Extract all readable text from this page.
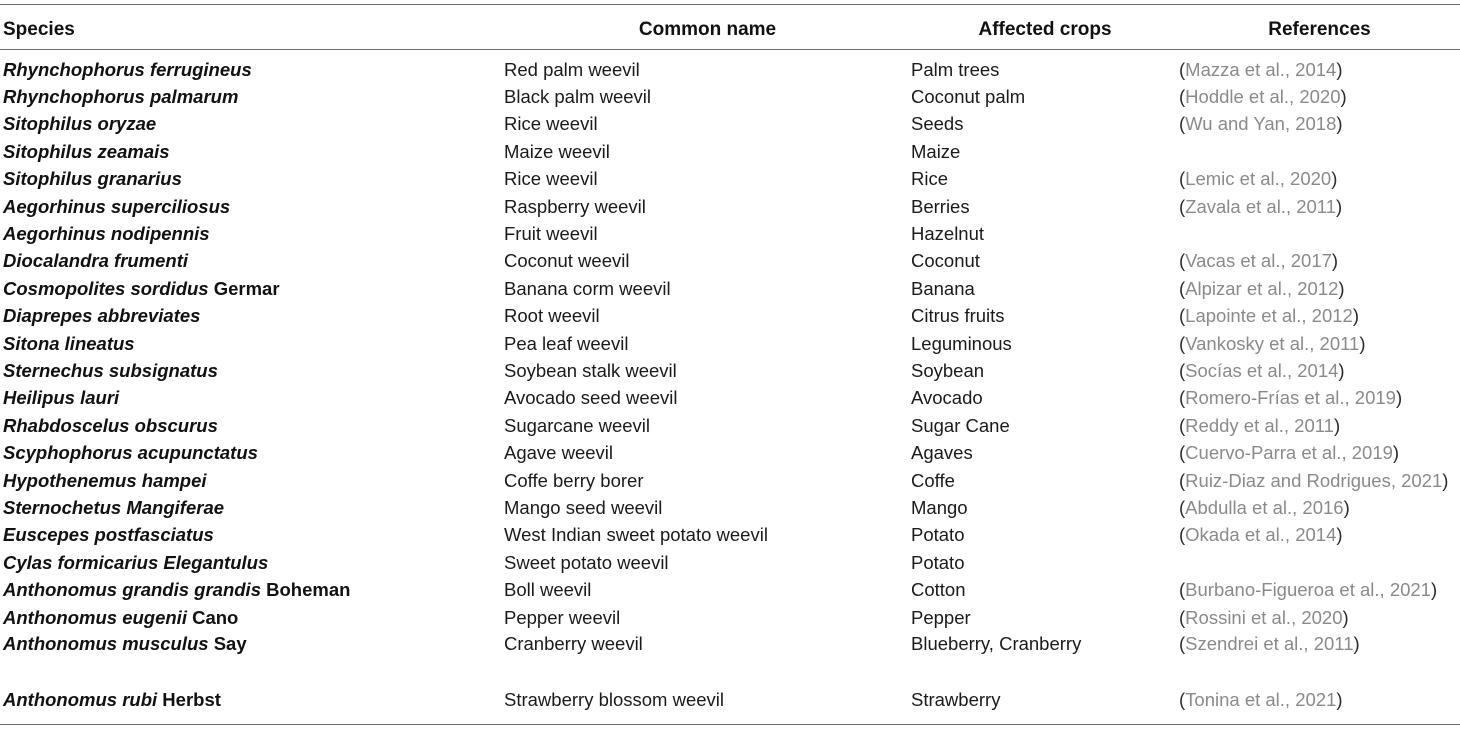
Species	Common name	Affected crops	References
Rhynchophorus ferrugineus	Red palm weevil	Palm trees	(Mazza et al., 2014)
Rhynchophorus palmarum	Black palm weevil	Coconut palm	(Hoddle et al., 2020)
Sitophilus oryzae	Rice weevil	Seeds	(Wu and Yan, 2018)
Sitophilus zeamais	Maize weevil	Maize	
Sitophilus granarius	Rice weevil	Rice	(Lemic et al., 2020)
Aegorhinus superciliosus	Raspberry weevil	Berries	(Zavala et al., 2011)
Aegorhinus nodipennis	Fruit weevil	Hazelnut	
Diocalandra frumenti	Coconut weevil	Coconut	(Vacas et al., 2017)
Cosmopolites sordidus Germar	Banana corm weevil	Banana	(Alpizar et al., 2012)
Diaprepes abbreviates	Root weevil	Citrus fruits	(Lapointe et al., 2012)
Sitona lineatus	Pea leaf weevil	Leguminous	(Vankosky et al., 2011)
Sternechus subsignatus	Soybean stalk weevil	Soybean	(Socías et al., 2014)
Heilipus lauri	Avocado seed weevil	Avocado	(Romero-Frías et al., 2019)
Rhabdoscelus obscurus	Sugarcane weevil	Sugar Cane	(Reddy et al., 2011)
Scyphophorus acupunctatus	Agave weevil	Agaves	(Cuervo-Parra et al., 2019)
Hypothenemus hampei	Coffe berry borer	Coffe	(Ruiz-Diaz and Rodrigues, 2021)
Sternochetus Mangiferae	Mango seed weevil	Mango	(Abdulla et al., 2016)
Euscepes postfasciatus	West Indian sweet potato weevil	Potato	(Okada et al., 2014)
Cylas formicarius Elegantulus	Sweet potato weevil	Potato	
Anthonomus grandis grandis Boheman	Boll weevil	Cotton	(Burbano-Figueroa et al., 2021)
Anthonomus eugenii Cano	Pepper weevil	Pepper	(Rossini et al., 2020)
Anthonomus musculus Say	Cranberry weevil	Blueberry, Cranberry	(Szendrei et al., 2011)
Anthonomus rubi Herbst	Strawberry blossom weevil	Strawberry	(Tonina et al., 2021)
